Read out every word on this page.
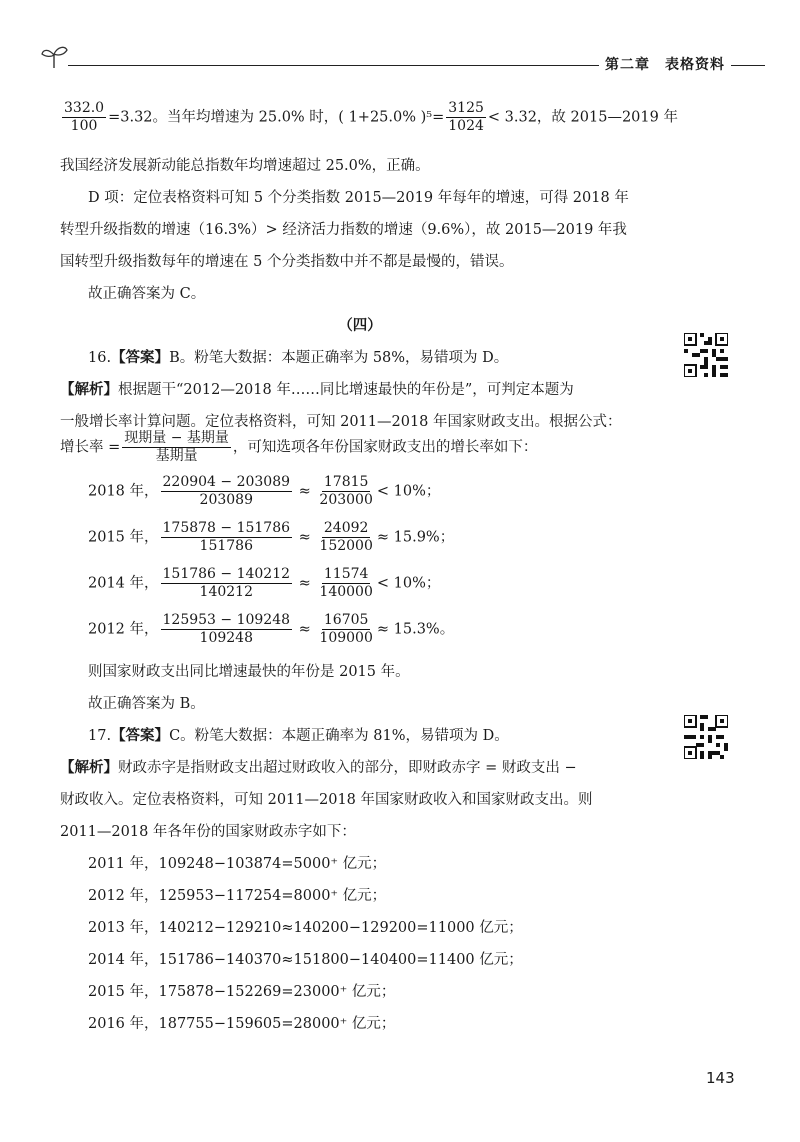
第二章　表格资料
$\frac{332.0}{100} =3.32$。当年均增速为 25.0% 时，( 1+25.0% )$^5= \frac{3125}{1024} < 3.32$，故 2015—2019 年
我国经济发展新动能总指数年均增速超过 25.0%，正确。
D 项：定位表格资料可知 5 个分类指数 2015—2019 年每年的增速，可得 2018 年
转型升级指数的增速（16.3%）> 经济活力指数的增速（9.6%），故 2015—2019 年我
国转型升级指数每年的增速在 5 个分类指数中并不都是最慢的，错误。
故正确答案为 C。
（四）
16.【答案】B。粉笔大数据：本题正确率为 58%，易错项为 D。
【解析】根据题干“2012—2018 年……同比增速最快的年份是”，可判定本题为
一般增长率计算问题。定位表格资料，可知 2011—2018 年国家财政支出。根据公式：
增长率 = $\frac{\text{现期量 − 基期量}}{\text{基期量}}$ ，可知选项各年份国家财政支出的增长率如下：
2018 年， $\frac{220904 - 203089}{203089} \approx \frac{17815}{203000} < 10\%$；
2015 年， $\frac{175878 - 151786}{151786} \approx \frac{24092}{152000} \approx 15.9\%$；
2014 年， $\frac{151786 - 140212}{140212} \approx \frac{11574}{140000} < 10\%$；
2012 年， $\frac{125953 - 109248}{109248} \approx \frac{16705}{109000} \approx 15.3\%$。
则国家财政支出同比增速最快的年份是 2015 年。
故正确答案为 B。
17.【答案】C。粉笔大数据：本题正确率为 81%，易错项为 D。
【解析】财政赤字是指财政支出超过财政收入的部分，即财政赤字 = 财政支出 −
财政收入。定位表格资料，可知 2011—2018 年国家财政收入和国家财政支出。则
2011—2018 年各年份的国家财政赤字如下：
2011 年，109248−103874=5000⁺ 亿元；
2012 年，125953−117254=8000⁺ 亿元；
2013 年，140212−129210≈140200−129200=11000 亿元；
2014 年，151786−140370≈151800−140400=11400 亿元；
2015 年，175878−152269=23000⁺ 亿元；
2016 年，187755−159605=28000⁺ 亿元；
143
